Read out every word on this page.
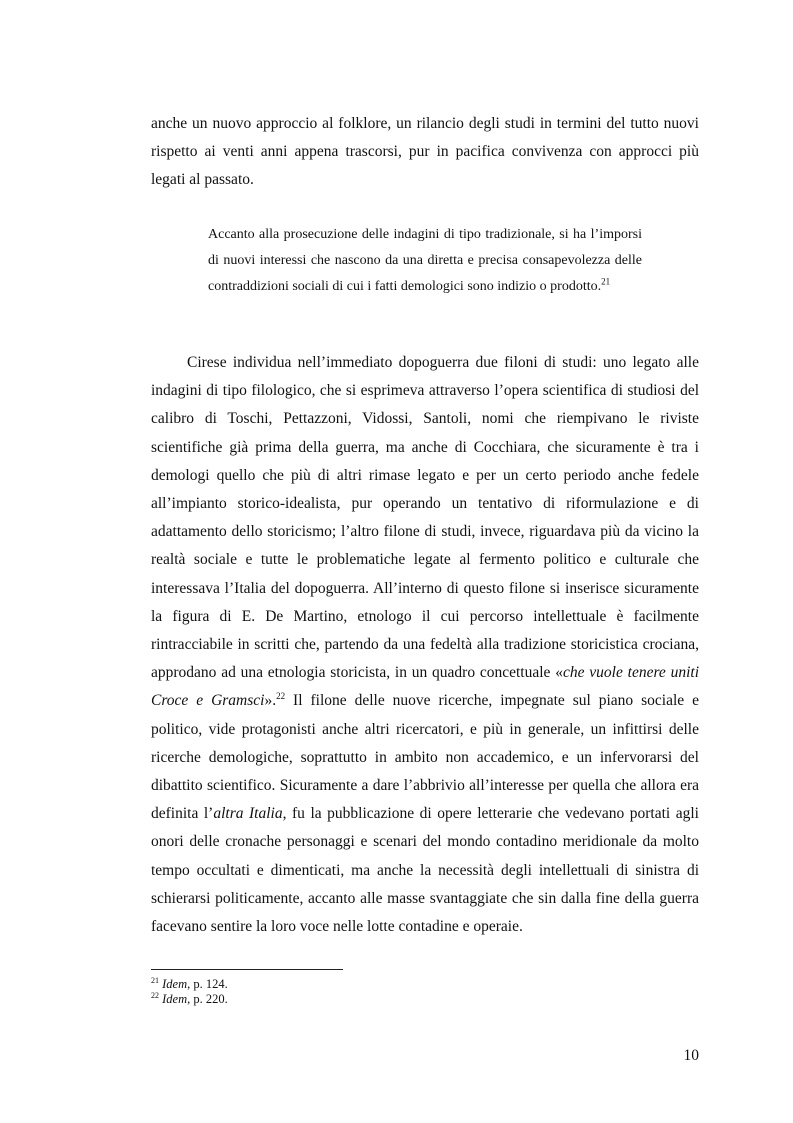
anche un nuovo approccio al folklore, un rilancio degli studi in termini del tutto nuovi rispetto ai venti anni appena trascorsi, pur in pacifica convivenza con approcci più legati al passato.

Accanto alla prosecuzione delle indagini di tipo tradizionale, si ha l’imporsi di nuovi interessi che nascono da una diretta e precisa consapevolezza delle contraddizioni sociali di cui i fatti demologici sono indizio o prodotto.$^{21}$

Cirese individua nell’immediato dopoguerra due filoni di studi: uno legato alle indagini di tipo filologico, che si esprimeva attraverso l’opera scientifica di studiosi del calibro di Toschi, Pettazzoni, Vidossi, Santoli, nomi che riempivano le riviste scientifiche già prima della guerra, ma anche di Cocchiara, che sicuramente è tra i demologi quello che più di altri rimase legato e per un certo periodo anche fedele all’impianto storico-idealista, pur operando un tentativo di riformulazione e di adattamento dello storicismo; l’altro filone di studi, invece, riguardava più da vicino la realtà sociale e tutte le problematiche legate al fermento politico e culturale che interessava l’Italia del dopoguerra. All’interno di questo filone si inserisce sicuramente la figura di E. De Martino, etnologo il cui percorso intellettuale è facilmente rintracciabile in scritti che, partendo da una fedeltà alla tradizione storicistica crociana, approdano ad una etnologia storicista, in un quadro concettuale «che vuole tenere uniti Croce e Gramsci».$^{22}$ Il filone delle nuove ricerche, impegnate sul piano sociale e politico, vide protagonisti anche altri ricercatori, e più in generale, un infittirsi delle ricerche demologiche, soprattutto in ambito non accademico, e un infervorarsi del dibattito scientifico. Sicuramente a dare l’abbrivio all’interesse per quella che allora era definita l’altra Italia, fu la pubblicazione di opere letterarie che vedevano portati agli onori delle cronache personaggi e scenari del mondo contadino meridionale da molto tempo occultati e dimenticati, ma anche la necessità degli intellettuali di sinistra di schierarsi politicamente, accanto alle masse svantaggiate che sin dalla fine della guerra facevano sentire la loro voce nelle lotte contadine e operaie.

$^{21}$ Idem, p. 124.
$^{22}$ Idem, p. 220.
10
